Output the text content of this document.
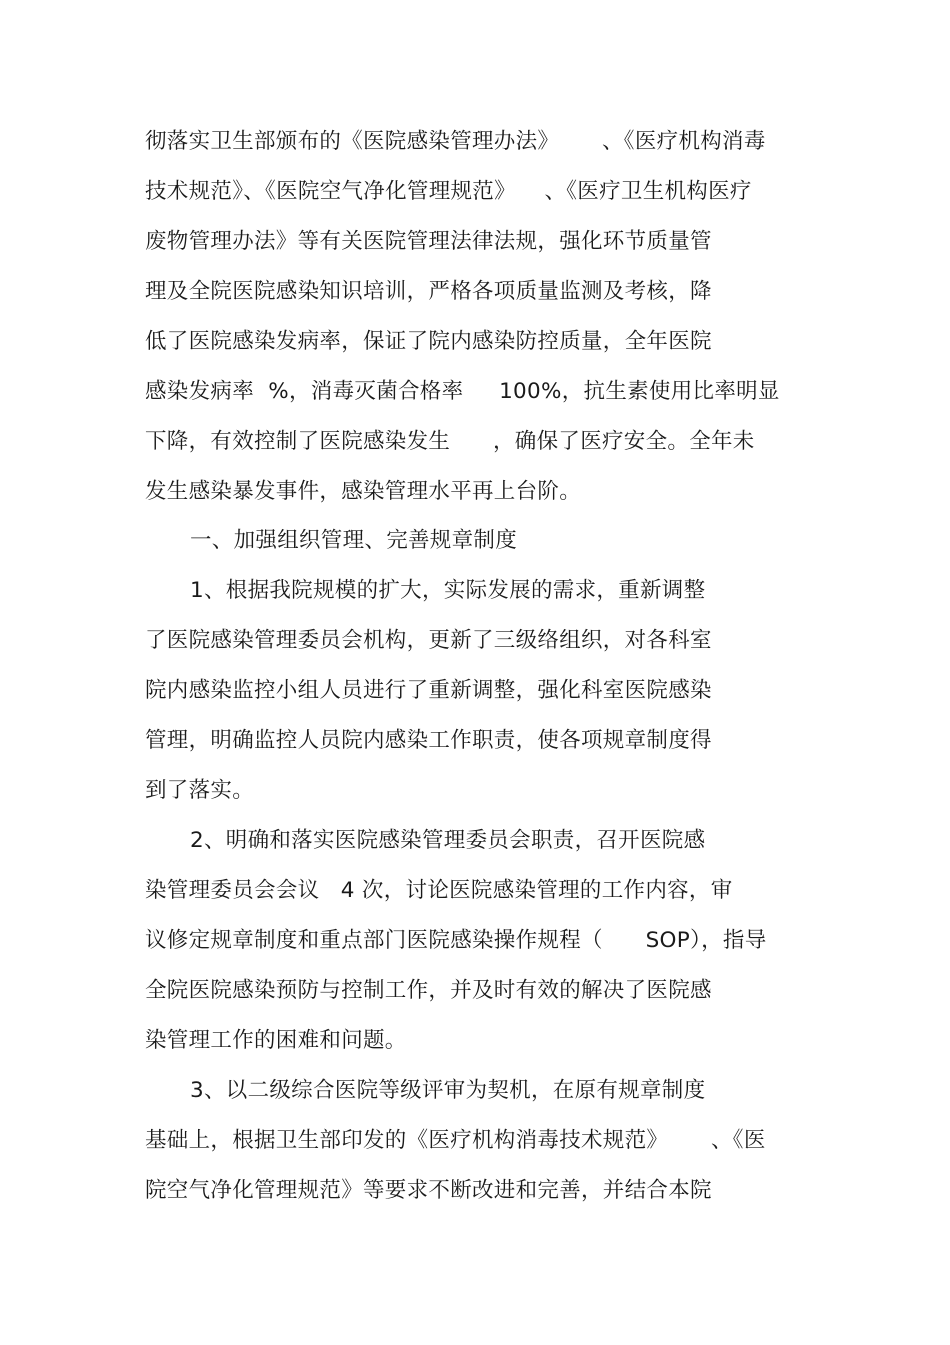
彻落实卫生部颁布的《医院感染管理办法》      、《医疗机构消毒
技术规范》、《医院空气净化管理规范》    、《医疗卫生机构医疗
废物管理办法》等有关医院管理法律法规，强化环节质量管
理及全院医院感染知识培训，严格各项质量监测及考核，降
低了医院感染发病率，保证了院内感染防控质量，全年医院
感染发病率  %，消毒灭菌合格率     100%，抗生素使用比率明显
下降，有效控制了医院感染发生      ，确保了医疗安全。全年未
发生感染暴发事件，感染管理水平再上台阶。
一、加强组织管理、完善规章制度
1、根据我院规模的扩大，实际发展的需求，重新调整
了医院感染管理委员会机构，更新了三级络组织，对各科室
院内感染监控小组人员进行了重新调整，强化科室医院感染
管理，明确监控人员院内感染工作职责，使各项规章制度得
到了落实。
2、明确和落实医院感染管理委员会职责，召开医院感
染管理委员会会议   4 次，讨论医院感染管理的工作内容，审
议修定规章制度和重点部门医院感染操作规程（      SOP），指导
全院医院感染预防与控制工作，并及时有效的解决了医院感
染管理工作的困难和问题。
3、以二级综合医院等级评审为契机，在原有规章制度
基础上，根据卫生部印发的《医疗机构消毒技术规范》      、《医
院空气净化管理规范》等要求不断改进和完善，并结合本院
